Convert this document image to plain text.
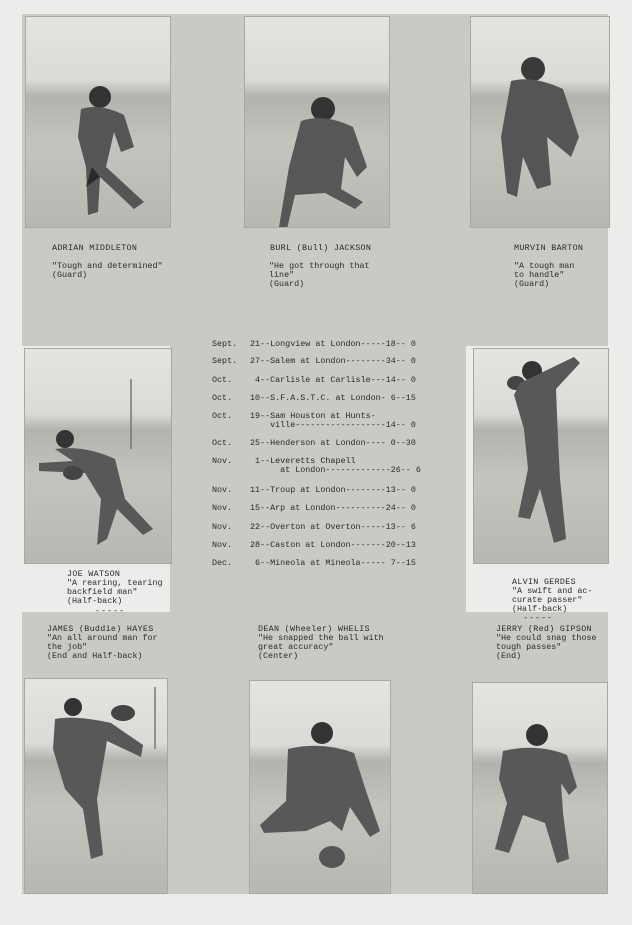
ADRIAN MIDDLETON
"Tough and determined"
(Guard)
BURL (Bull) JACKSON
"He got through that
line"
(Guard)
MURVIN BARTON
"A tough man
to handle"
(Guard)
Sept.	21--Longview at London-----18-- 0
Sept.	27--Salem at London--------34-- 0
Oct.	4--Carlisle at Carlisle---14-- 0
Oct.	10--S.F.A.S.T.C. at London- 6--15
Oct.	19--Sam Houston at Hunts-
ville------------------14-- 0
Oct.	25--Henderson at London---- 0--30
Nov.	1--Leveretts Chapell
at London-------------26-- 6
Nov.	11--Troup at London--------13-- 0
Nov.	15--Arp at London----------24-- 0
Nov.	22--Overton at Overton-----13-- 6
Nov.	28--Caston at London-------20--13
Dec.	6--Mineola at Mineola----- 7--15
JOE WATSON
"A rearing, tearing
backfield man"
(Half-back)
-----
ALVIN GERDES
"A swift and ac-
curate passer"
(Half-back)
-----
JAMES (Buddie) HAYES
"An all around man for
the job"
(End and Half-back)
DEAN (Wheeler) WHELIS
"He snapped the ball with
great accuracy"
(Center)
JERRY (Red) GIPSON
"He could snag those
tough passes"
(End)
